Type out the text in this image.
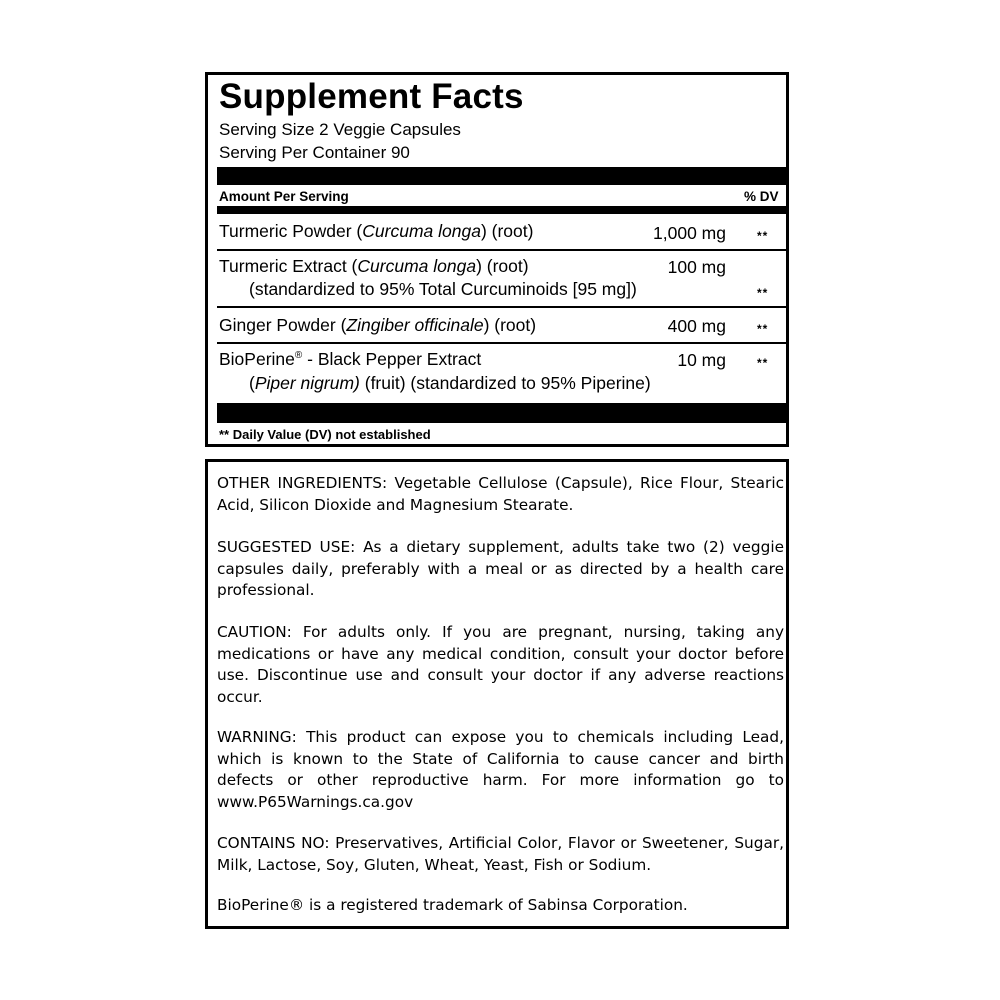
Supplement Facts
Serving Size 2 Veggie Capsules
Serving Per Container 90
Amount Per Serving	% DV
Turmeric Powder (Curcuma longa) (root)	1,000 mg	**
Turmeric Extract (Curcuma longa) (root)	100 mg
(standardized to 95% Total Curcuminoids [95 mg])	**
Ginger Powder (Zingiber officinale) (root)	400 mg	**
BioPerine® - Black Pepper Extract	10 mg	**
(Piper nigrum) (fruit) (standardized to 95% Piperine)
** Daily Value (DV) not established
OTHER INGREDIENTS: Vegetable Cellulose (Capsule), Rice Flour, Stearic Acid, Silicon Dioxide and Magnesium Stearate.
SUGGESTED USE: As a dietary supplement, adults take two (2) veggie capsules daily, preferably with a meal or as directed by a health care professional.
CAUTION: For adults only. If you are pregnant, nursing, taking any medications or have any medical condition, consult your doctor before use. Discontinue use and consult your doctor if any adverse reactions occur.
WARNING: This product can expose you to chemicals including Lead, which is known to the State of California to cause cancer and birth defects or other reproductive harm. For more information go to www.P65Warnings.ca.gov
CONTAINS NO: Preservatives, Artificial Color, Flavor or Sweetener, Sugar, Milk, Lactose, Soy, Gluten, Wheat, Yeast, Fish or Sodium.
BioPerine® is a registered trademark of Sabinsa Corporation.
